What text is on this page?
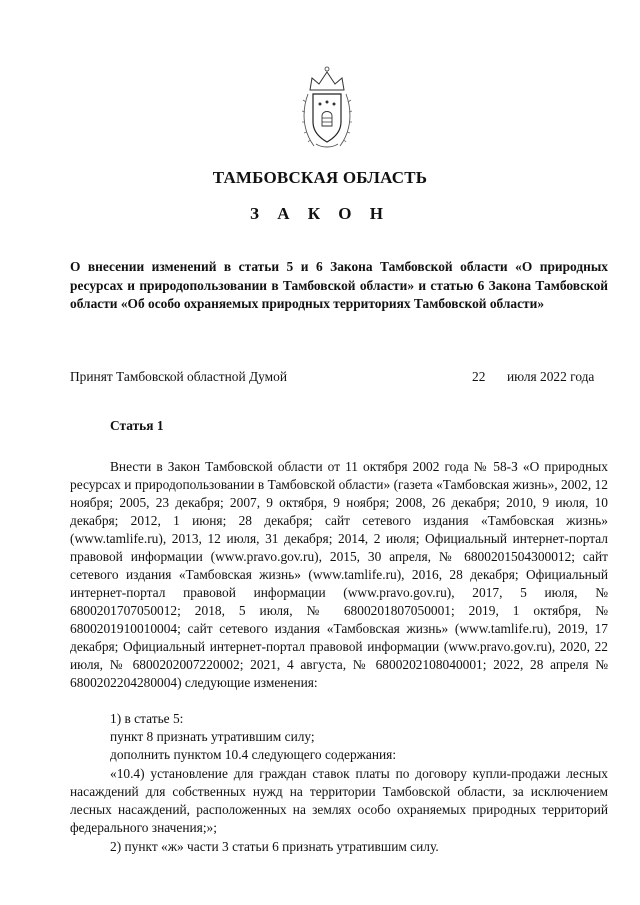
ТАМБОВСКАЯ ОБЛАСТЬ
З А К О Н
О внесении изменений в статьи 5 и 6 Закона Тамбовской области «О природных ресурсах и природопользовании в Тамбовской области» и статью 6 Закона Тамбовской области «Об особо охраняемых природных территориях Тамбовской области»
Принят Тамбовской областной Думой	22 июля 2022 года
Статья 1
Внести в Закон Тамбовской области от 11 октября 2002 года № 58-З «О природных ресурсах и природопользовании в Тамбовской области» (газета «Тамбовская жизнь», 2002, 12 ноября; 2005, 23 декабря; 2007, 9 октября, 9 ноября; 2008, 26 декабря; 2010, 9 июля, 10 декабря; 2012, 1 июня; 28 декабря; сайт сетевого издания «Тамбовская жизнь» (www.tamlife.ru), 2013, 12 июля, 31 декабря; 2014, 2 июля; Официальный интернет-портал правовой информации (www.pravo.gov.ru), 2015, 30 апреля, № 6800201504300012; сайт сетевого издания «Тамбовская жизнь» (www.tamlife.ru), 2016, 28 декабря; Официальный интернет-портал правовой информации (www.pravo.gov.ru), 2017, 5 июля, № 6800201707050012; 2018, 5 июля, № 6800201807050001; 2019, 1 октября, № 6800201910010004; сайт сетевого издания «Тамбовская жизнь» (www.tamlife.ru), 2019, 17 декабря; Официальный интернет-портал правовой информации (www.pravo.gov.ru), 2020, 22 июля, № 6800202007220002; 2021, 4 августа, № 6800202108040001; 2022, 28 апреля № 6800202204280004) следующие изменения:
1) в статье 5:
пункт 8 признать утратившим силу;
дополнить пунктом 10.4 следующего содержания:
«10.4) установление для граждан ставок платы по договору купли-продажи лесных насаждений для собственных нужд на территории Тамбовской области, за исключением лесных насаждений, расположенных на землях особо охраняемых природных территорий федерального значения;»;
2) пункт «ж» части 3 статьи 6 признать утратившим силу.
